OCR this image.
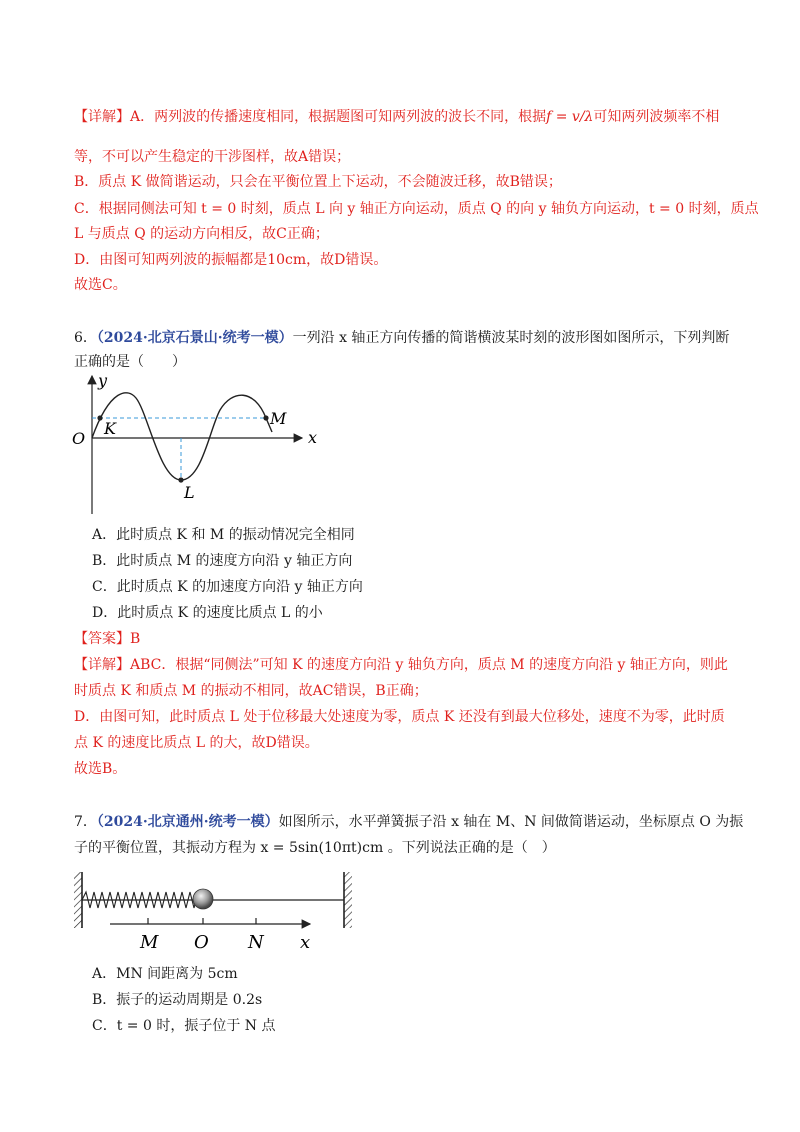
【详解】A．两列波的传播速度相同，根据题图可知两列波的波长不同，根据f = v/λ可知两列波频率不相
等，不可以产生稳定的干涉图样，故A错误；
B．质点 K 做简谐运动，只会在平衡位置上下运动，不会随波迁移，故B错误；
C．根据同侧法可知 t = 0 时刻，质点 L 向 y 轴正方向运动，质点 Q 的向 y 轴负方向运动，t = 0 时刻，质点
L 与质点 Q 的运动方向相反，故C正确；
D．由图可知两列波的振幅都是10cm，故D错误。
故选C。
6．（2024·北京石景山·统考一模）一列沿 x 轴正方向传播的简谐横波某时刻的波形图如图所示，下列判断
正确的是（　　）
y
x
O
K
M
L
A．此时质点 K 和 M 的振动情况完全相同
B．此时质点 M 的速度方向沿 y 轴正方向
C．此时质点 K 的加速度方向沿 y 轴正方向
D．此时质点 K 的速度比质点 L 的小
【答案】B
【详解】ABC．根据“同侧法”可知 K 的速度方向沿 y 轴负方向，质点 M 的速度方向沿 y 轴正方向，则此
时质点 K 和质点 M 的振动不相同，故AC错误，B正确；
D．由图可知，此时质点 L 处于位移最大处速度为零，质点 K 还没有到最大位移处，速度不为零，此时质
点 K 的速度比质点 L 的大，故D错误。
故选B。
7．（2024·北京通州·统考一模）如图所示，水平弹簧振子沿 x 轴在 M、N 间做简谐运动，坐标原点 O 为振
子的平衡位置，其振动方程为 x = 5sin(10πt)cm 。下列说法正确的是（　）
M O N x
A．MN 间距离为 5cm
B．振子的运动周期是 0.2s
C．t = 0 时，振子位于 N 点
